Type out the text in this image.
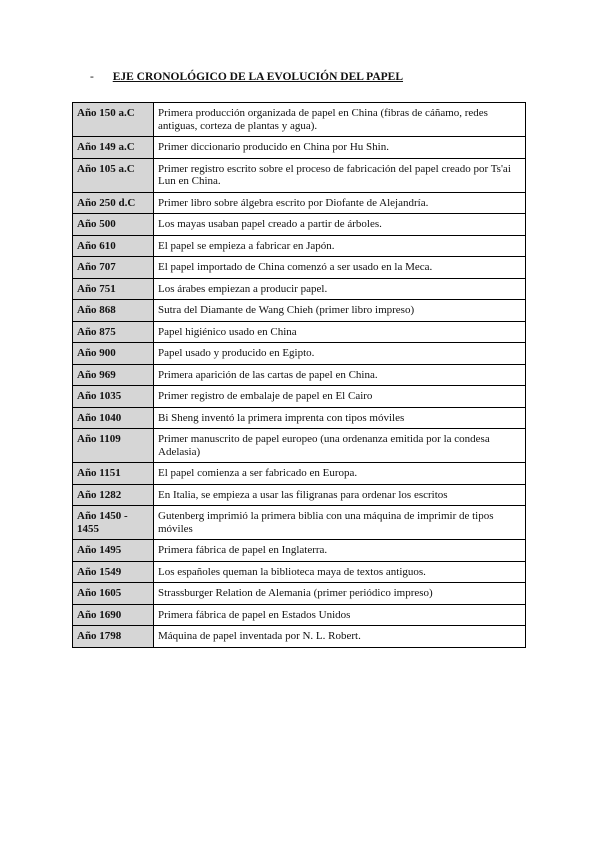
- EJE CRONOLÓGICO DE LA EVOLUCIÓN DEL PAPEL
Año 150 a.C	Primera producción organizada de papel en China (fibras de cáñamo, redes antiguas, corteza de plantas y agua).
Año 149 a.C	Primer diccionario producido en China por Hu Shin.
Año 105 a.C	Primer registro escrito sobre el proceso de fabricación del papel creado por Ts'ai Lun en China.
Año 250 d.C	Primer libro sobre álgebra escrito por Diofante de Alejandría.
Año 500	Los mayas usaban papel creado a partir de árboles.
Año 610	El papel se empieza a fabricar en Japón.
Año 707	El papel importado de China comenzó a ser usado en la Meca.
Año 751	Los árabes empiezan a producir papel.
Año 868	Sutra del Diamante de Wang Chieh (primer libro impreso)
Año 875	Papel higiénico usado en China
Año 900	Papel usado y producido en Egipto.
Año 969	Primera aparición de las cartas de papel en China.
Año 1035	Primer registro de embalaje de papel en El Cairo
Año 1040	Bi Sheng inventó la primera imprenta con tipos móviles
Año 1109	Primer manuscrito de papel europeo (una ordenanza emitida por la condesa Adelasia)
Año 1151	El papel comienza a ser fabricado en Europa.
Año 1282	En Italia, se empieza a usar las filigranas para ordenar los escritos
Año 1450 - 1455	Gutenberg imprimió la primera biblia con una máquina de imprimir de tipos móviles
Año 1495	Primera fábrica de papel en Inglaterra.
Año 1549	Los españoles queman la biblioteca maya de textos antiguos.
Año 1605	Strassburger Relation de Alemania (primer periódico impreso)
Año 1690	Primera fábrica de papel en Estados Unidos
Año 1798	Máquina de papel inventada por N. L. Robert.
